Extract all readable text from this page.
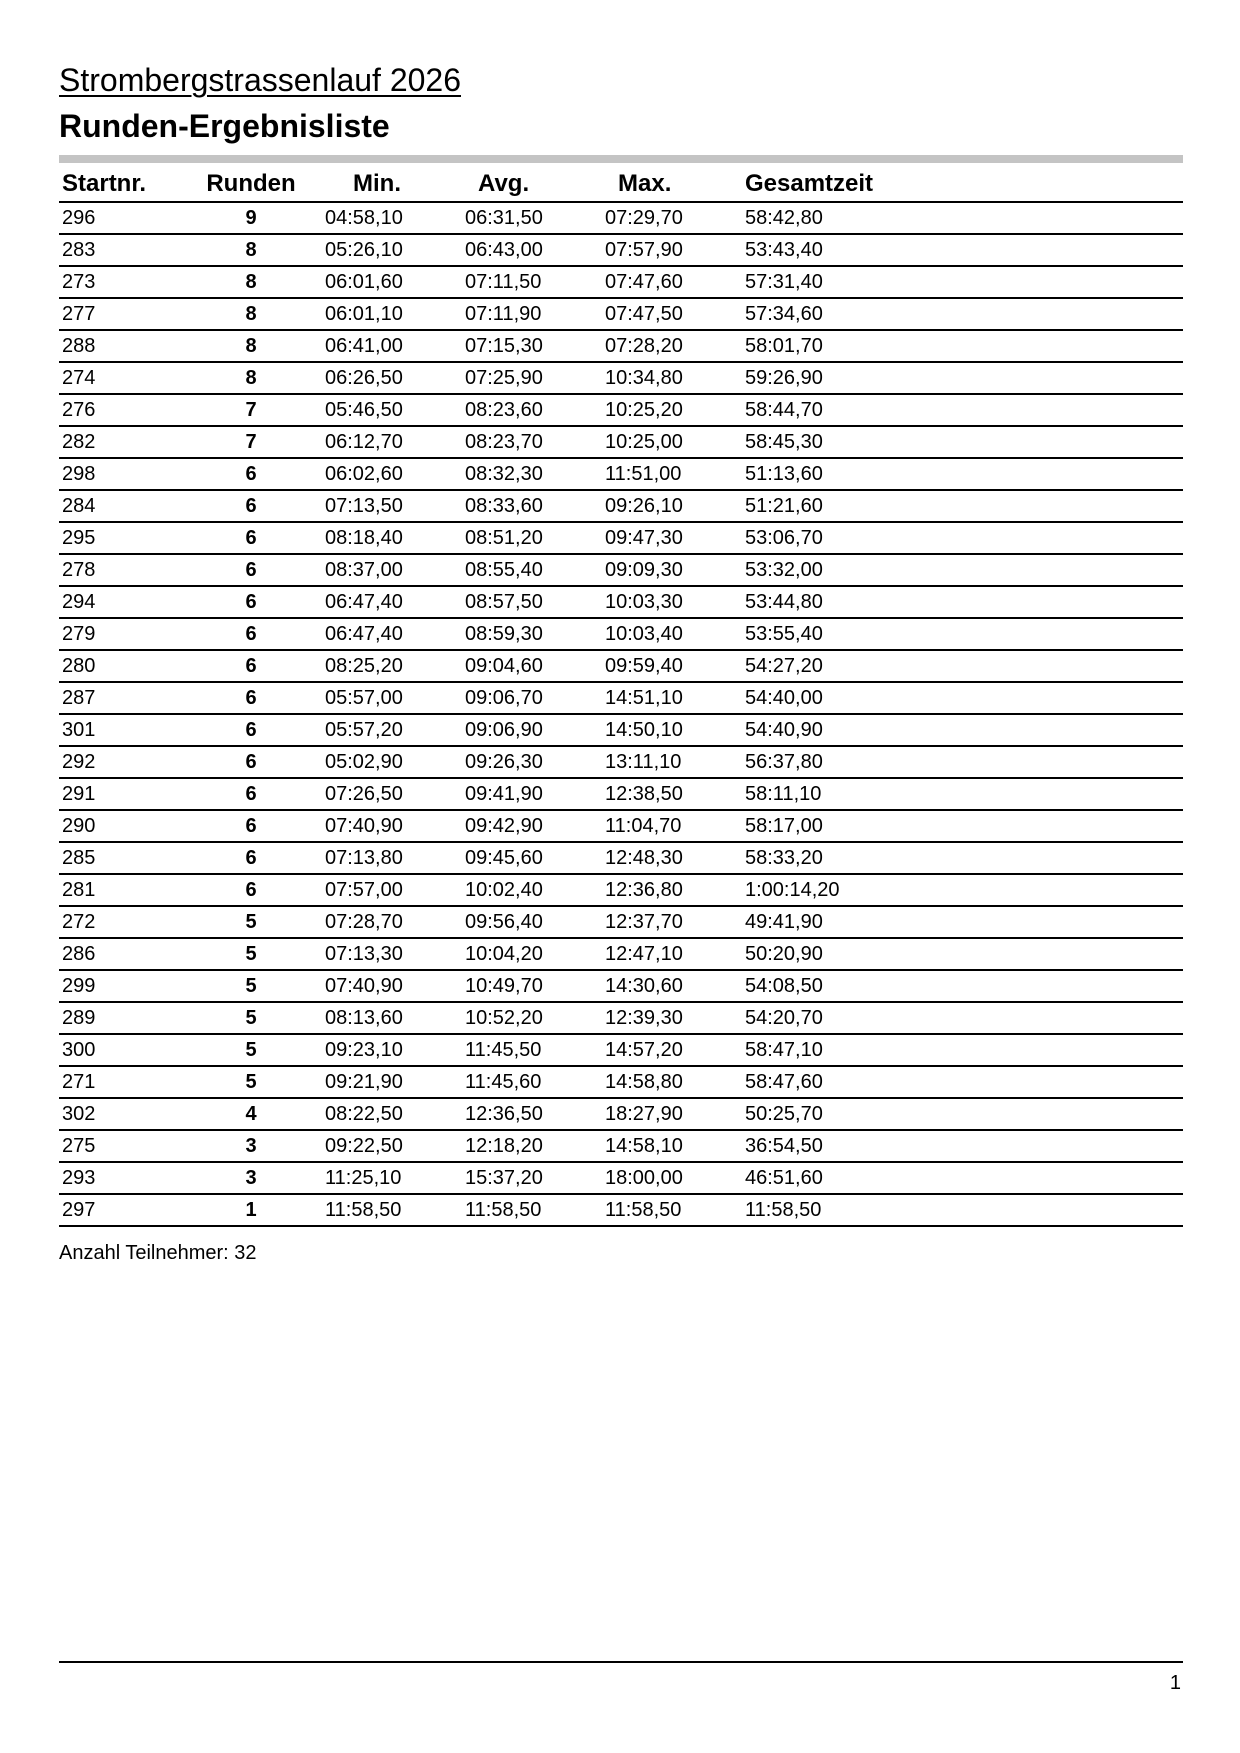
Strombergstrassenlauf 2026
Runden-Ergebnisliste
Startnr.	Runden		Min.	Avg.	Max.	Gesamtzeit
296	9		04:58,10	06:31,50	07:29,70	58:42,80
283	8		05:26,10	06:43,00	07:57,90	53:43,40
273	8		06:01,60	07:11,50	07:47,60	57:31,40
277	8		06:01,10	07:11,90	07:47,50	57:34,60
288	8		06:41,00	07:15,30	07:28,20	58:01,70
274	8		06:26,50	07:25,90	10:34,80	59:26,90
276	7		05:46,50	08:23,60	10:25,20	58:44,70
282	7		06:12,70	08:23,70	10:25,00	58:45,30
298	6		06:02,60	08:32,30	11:51,00	51:13,60
284	6		07:13,50	08:33,60	09:26,10	51:21,60
295	6		08:18,40	08:51,20	09:47,30	53:06,70
278	6		08:37,00	08:55,40	09:09,30	53:32,00
294	6		06:47,40	08:57,50	10:03,30	53:44,80
279	6		06:47,40	08:59,30	10:03,40	53:55,40
280	6		08:25,20	09:04,60	09:59,40	54:27,20
287	6		05:57,00	09:06,70	14:51,10	54:40,00
301	6		05:57,20	09:06,90	14:50,10	54:40,90
292	6		05:02,90	09:26,30	13:11,10	56:37,80
291	6		07:26,50	09:41,90	12:38,50	58:11,10
290	6		07:40,90	09:42,90	11:04,70	58:17,00
285	6		07:13,80	09:45,60	12:48,30	58:33,20
281	6		07:57,00	10:02,40	12:36,80	1:00:14,20
272	5		07:28,70	09:56,40	12:37,70	49:41,90
286	5		07:13,30	10:04,20	12:47,10	50:20,90
299	5		07:40,90	10:49,70	14:30,60	54:08,50
289	5		08:13,60	10:52,20	12:39,30	54:20,70
300	5		09:23,10	11:45,50	14:57,20	58:47,10
271	5		09:21,90	11:45,60	14:58,80	58:47,60
302	4		08:22,50	12:36,50	18:27,90	50:25,70
275	3		09:22,50	12:18,20	14:58,10	36:54,50
293	3		11:25,10	15:37,20	18:00,00	46:51,60
297	1		11:58,50	11:58,50	11:58,50	11:58,50
Anzahl Teilnehmer: 32
1
